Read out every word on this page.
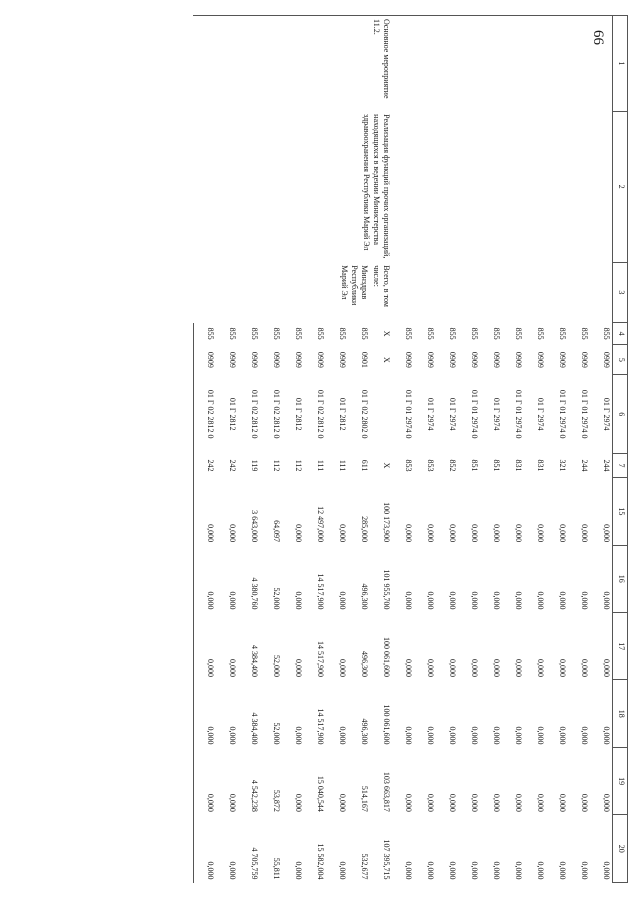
66
1	2	3	4	5	6	7	15	16	17	18	19	20
			855	0909	01 Г 2974	244	0,000	0,000	0,000	0,000	0,000	0,000
			855	0909	01 Г 01 2974 0	244	0,000	0,000	0,000	0,000	0,000	0,000
			855	0909	01 Г 01 2974 0	321	0,000	0,000	0,000	0,000	0,000	0,000
			855	0909	01 Г 2974	831	0,000	0,000	0,000	0,000	0,000	0,000
			855	0909	01 Г 01 2974 0	831	0,000	0,000	0,000	0,000	0,000	0,000
			855	0909	01 Г 2974	851	0,000	0,000	0,000	0,000	0,000	0,000
			855	0909	01 Г 01 2974 0	851	0,000	0,000	0,000	0,000	0,000	0,000
			855	0909	01 Г 2974	852	0,000	0,000	0,000	0,000	0,000	0,000
			855	0909	01 Г 2974	853	0,000	0,000	0,000	0,000	0,000	0,000
			855	0909	01 Г 01 2974 0	853	0,000	0,000	0,000	0,000	0,000	0,000
Основное мероприятие 11.2.	Реализация функций прочих организаций, находящихся в ведении Министерства здравоохранения Республики Марий Эл	Всего, в том числе:	Х	Х		Х	100 173,900	101 955,700	100 061,600	100 061,600	103 663,817	107 395,715
		Минздрав Республики Марий Эл	855	0901	01 Г 02 2802 0	611	285,000	496,300	496,300	496,300	514,167	532,677
			855	0909	01 Г 2812	111	0,000	0,000	0,000	0,000	0,000	0,000
			855	0909	01 Г 02 2812 0	111	12 497,000	14 517,900	14 517,900	14 517,900	15 040,544	15 582,004
			855	0909	01 Г 2812	112	0,000	0,000	0,000	0,000	0,000	0,000
			855	0909	01 Г 02 2812 0	112	64,097	52,000	52,000	52,000	53,872	55,811
			855	0909	01 Г 02 2812 0	119	3 643,000	4 380,760	4 384,400	4 384,400	4 542,238	4 705,759
			855	0909	01 Г 2812	242	0,000	0,000	0,000	0,000	0,000	0,000
			855	0909	01 Г 02 2812 0	242	0,000	0,000	0,000	0,000	0,000	0,000
